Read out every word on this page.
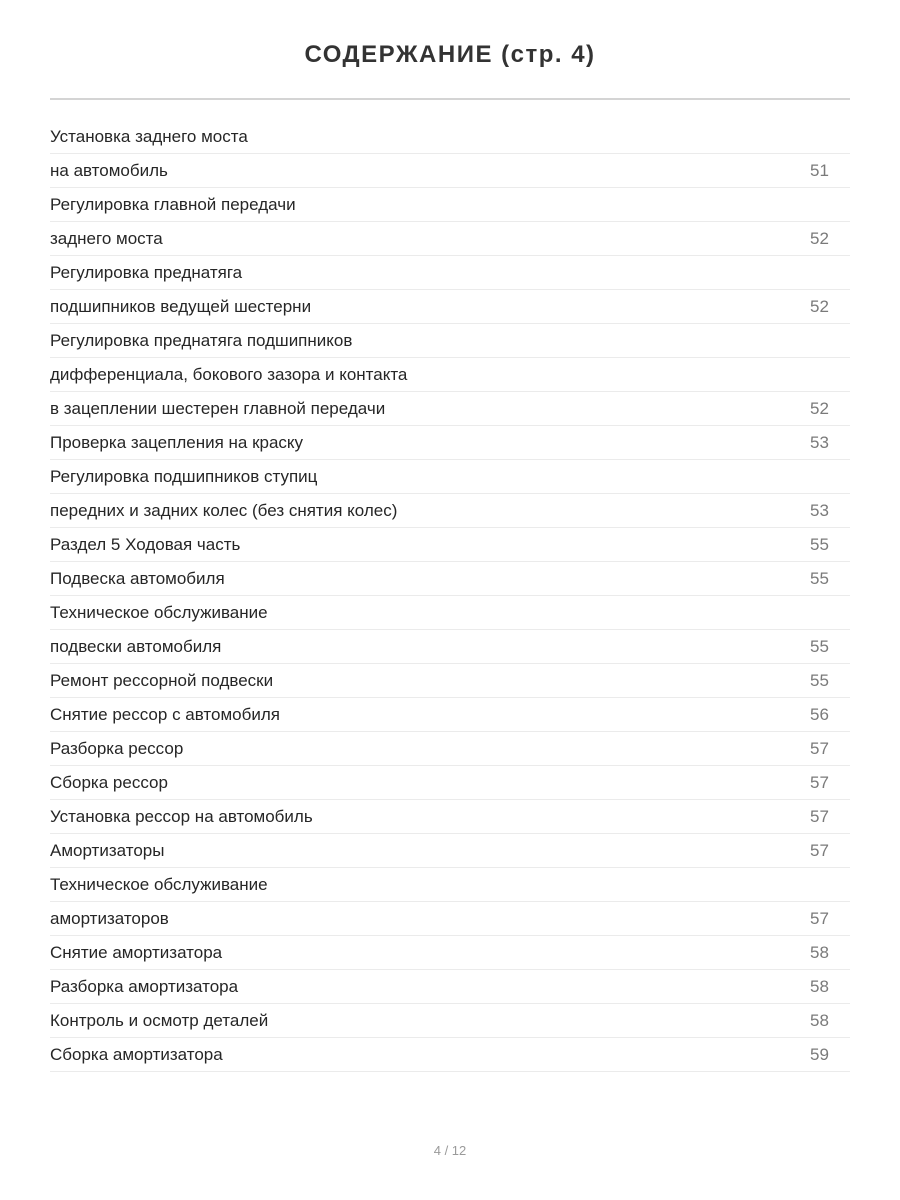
СОДЕРЖАНИЕ (стр. 4)
Установка заднего моста
на автомобиль	51
Регулировка главной передачи
заднего моста	52
Регулировка преднатяга
подшипников ведущей шестерни	52
Регулировка преднатяга подшипников
дифференциала, бокового зазора и контакта
в зацеплении шестерен главной передачи	52
Проверка зацепления на краску	53
Регулировка подшипников ступиц
передних и задних колес (без снятия колес)	53
Раздел 5 Ходовая часть	55
Подвеска автомобиля	55
Техническое обслуживание
подвески автомобиля	55
Ремонт рессорной подвески	55
Снятие рессор с автомобиля	56
Разборка рессор	57
Сборка рессор	57
Установка рессор на автомобиль	57
Амортизаторы	57
Техническое обслуживание
амортизаторов	57
Снятие амортизатора	58
Разборка амортизатора	58
Контроль и осмотр деталей	58
Сборка амортизатора	59
4 / 12
